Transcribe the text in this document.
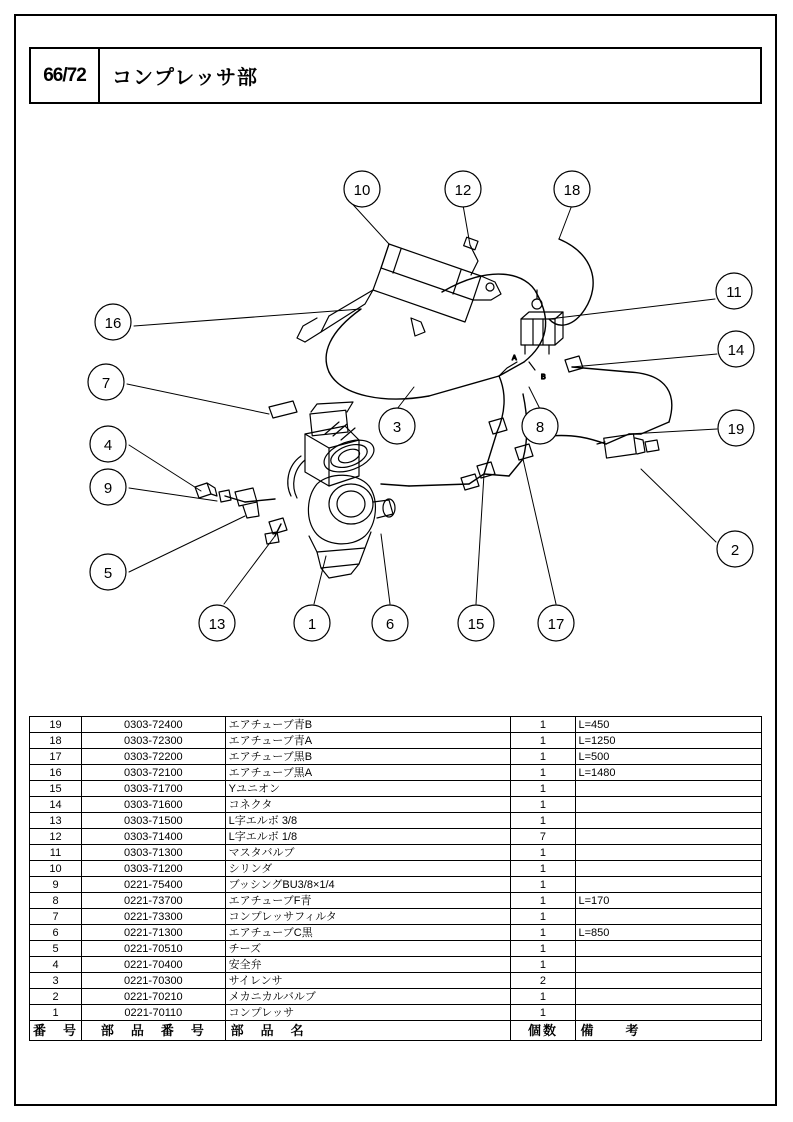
66/72	コンプレッサ部
A
B
10	12	18
11
16
14
7
3	8	19
4
9
2
5
13	1	6	15	17
19	0303-72400	エアチューブ青B	1	L=450
18	0303-72300	エアチューブ青A	1	L=1250
17	0303-72200	エアチューブ黒B	1	L=500
16	0303-72100	エアチューブ黒A	1	L=1480
15	0303-71700	Yユニオン	1	
14	0303-71600	コネクタ	1	
13	0303-71500	L字エルボ 3/8	1	
12	0303-71400	L字エルボ 1/8	7	
11	0303-71300	マスタバルブ	1	
10	0303-71200	シリンダ	1	
9	0221-75400	ブッシングBU3/8×1/4	1	
8	0221-73700	エアチューブF青	1	L=170
7	0221-73300	コンプレッサフィルタ	1	
6	0221-71300	エアチューブC黒	1	L=850
5	0221-70510	チーズ	1	
4	0221-70400	安全弁	1	
3	0221-70300	サイレンサ	2	
2	0221-70210	メカニカルバルブ	1	
1	0221-70110	コンプレッサ	1	
番　号	部　品　番　号	部　品　名	個数	備　　考
